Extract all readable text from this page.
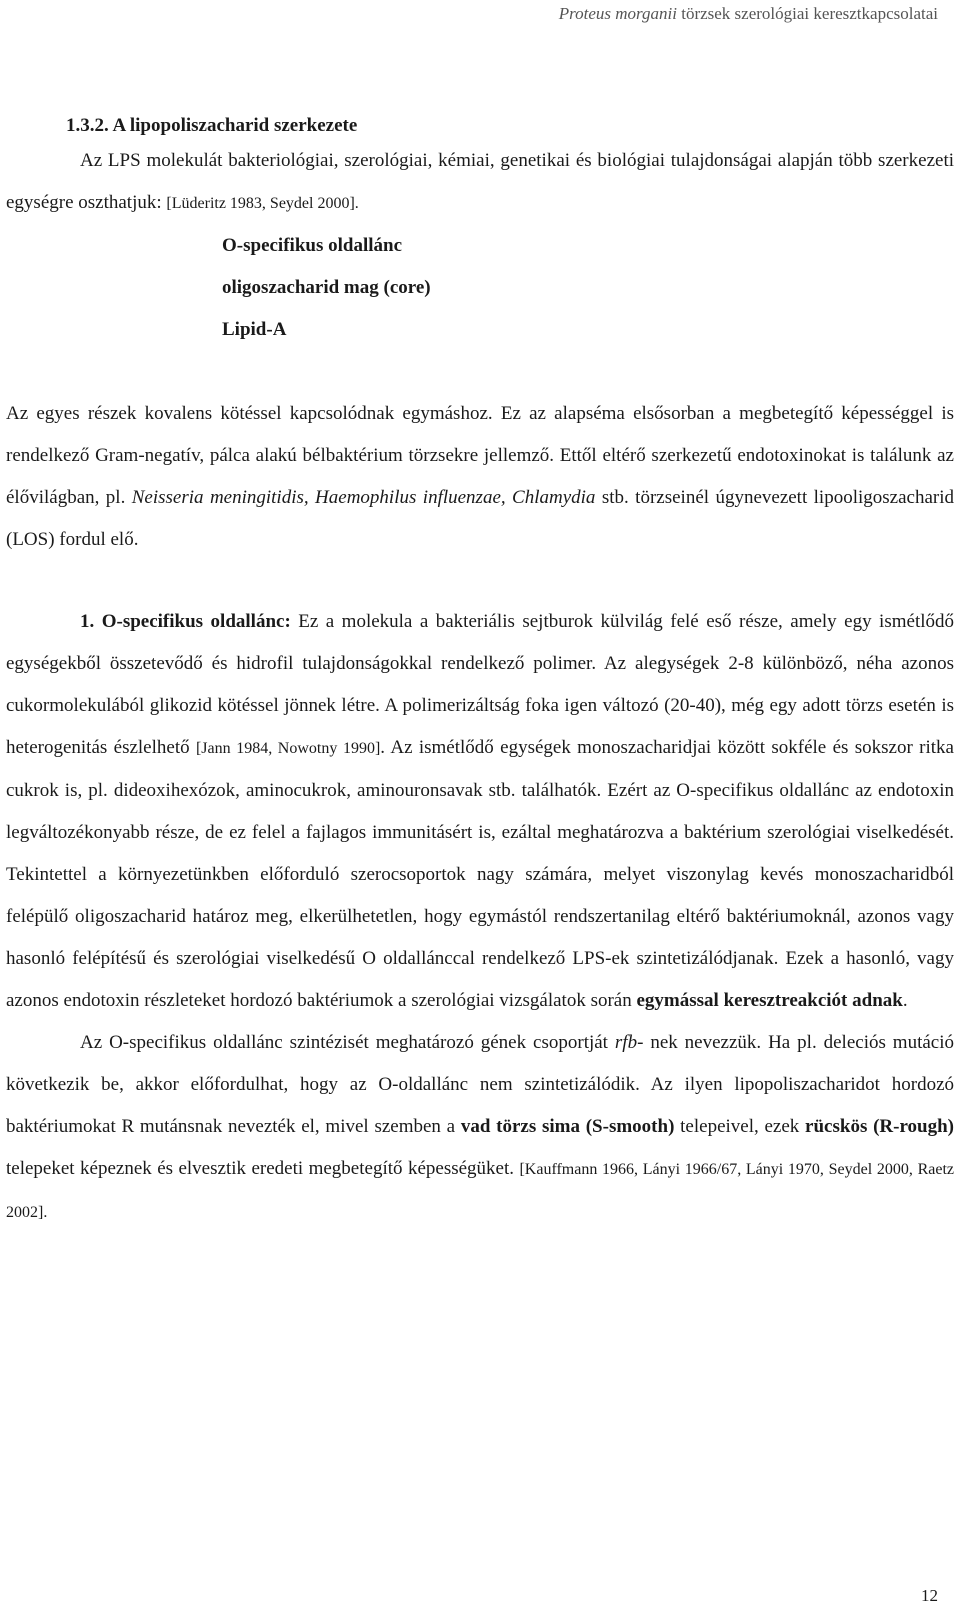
Proteus morganii törzsek szerológiai keresztkapcsolatai
1.3.2. A lipopoliszacharid szerkezete

Az LPS molekulát bakteriológiai, szerológiai, kémiai, genetikai és biológiai tulajdonságai alapján több szerkezeti egységre oszthatjuk: [Lüderitz 1983, Seydel 2000].

O-specifikus oldallánc
oligoszacharid mag (core)
Lipid-A

Az egyes részek kovalens kötéssel kapcsolódnak egymáshoz. Ez az alapséma elsősorban a megbetegítő képességgel is rendelkező Gram-negatív, pálca alakú bélbaktérium törzsekre jellemző. Ettől eltérő szerkezetű endotoxinokat is találunk az élővilágban, pl. Neisseria meningitidis, Haemophilus influenzae, Chlamydia stb. törzseinél úgynevezett lipooligoszacharid (LOS) fordul elő.

1. O-specifikus oldallánc: Ez a molekula a bakteriális sejtburok külvilág felé eső része, amely egy ismétlődő egységekből összetevődő és hidrofil tulajdonságokkal rendelkező polimer. Az alegységek 2-8 különböző, néha azonos cukormolekulából glikozid kötéssel jönnek létre. A polimerizáltság foka igen változó (20-40), még egy adott törzs esetén is heterogenitás észlelhető [Jann 1984, Nowotny 1990]. Az ismétlődő egységek monoszacharidjai között sokféle és sokszor ritka cukrok is, pl. dideoxihexózok, aminocukrok, aminouronsavak stb. találhatók. Ezért az O-specifikus oldallánc az endotoxin legváltozékonyabb része, de ez felel a fajlagos immunitásért is, ezáltal meghatározva a baktérium szerológiai viselkedését. Tekintettel a környezetünkben előforduló szerocsoportok nagy számára, melyet viszonylag kevés monoszacharidból felépülő oligoszacharid határoz meg, elkerülhetetlen, hogy egymástól rendszertanilag eltérő baktériumoknál, azonos vagy hasonló felépítésű és szerológiai viselkedésű O oldallánccal rendelkező LPS-ek szintetizálódjanak. Ezek a hasonló, vagy azonos endotoxin részleteket hordozó baktériumok a szerológiai vizsgálatok során egymással keresztreakciót adnak.

Az O-specifikus oldallánc szintézisét meghatározó gének csoportját rfb- nek nevezzük. Ha pl. deleciós mutáció következik be, akkor előfordulhat, hogy az O-oldallánc nem szintetizálódik. Az ilyen lipopoliszacharidot hordozó baktériumokat R mutánsnak nevezték el, mivel szemben a vad törzs sima (S-smooth) telepeivel, ezek rücskös (R-rough) telepeket képeznek és elvesztik eredeti megbetegítő képességüket. [Kauffmann 1966, Lányi 1966/67, Lányi 1970, Seydel 2000, Raetz 2002].

12
